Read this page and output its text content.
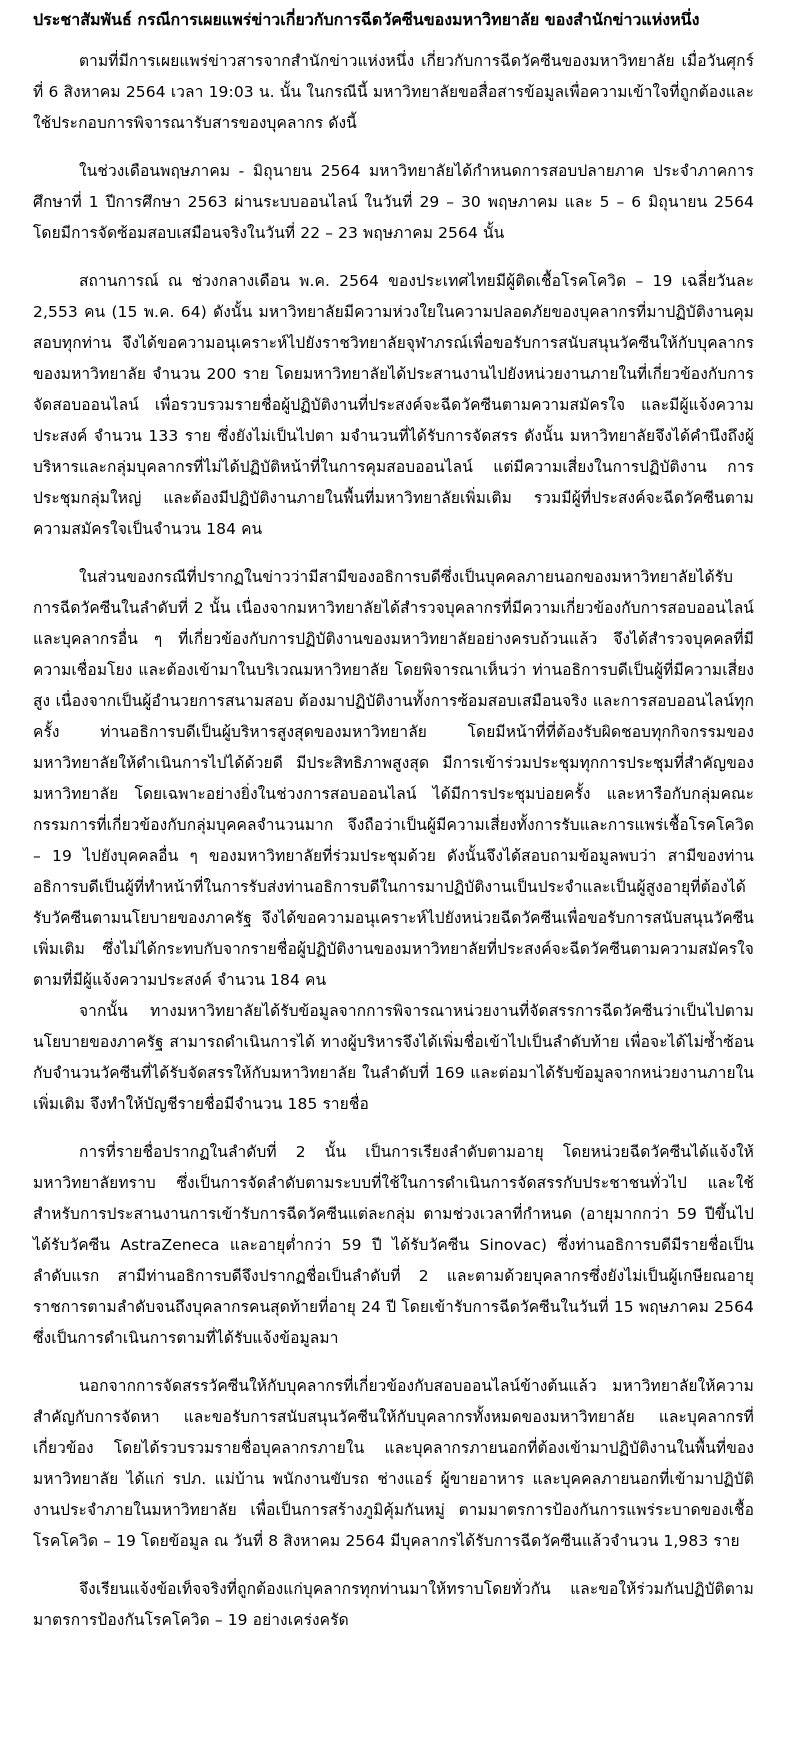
ประชาสัมพันธ์ กรณีการเผยแพร่ข่าวเกี่ยวกับการฉีดวัคซีนของมหาวิทยาลัย ของสำนักข่าวแห่งหนึ่ง

ตามที่มีการเผยแพร่ข่าวสารจากสำนักข่าวแห่งหนึ่ง เกี่ยวกับการฉีดวัคซีนของมหาวิทยาลัย เมื่อวันศุกร์ที่ 6 สิงหาคม 2564 เวลา 19:03 น. นั้น ในกรณีนี้ มหาวิทยาลัยขอสื่อสารข้อมูลเพื่อความเข้าใจที่ถูกต้องและใช้ประกอบการพิจารณารับสารของบุคลากร ดังนี้

ในช่วงเดือนพฤษภาคม - มิถุนายน 2564 มหาวิทยาลัยได้กำหนดการสอบปลายภาค ประจำภาคการศึกษาที่ 1 ปีการศึกษา 2563 ผ่านระบบออนไลน์ ในวันที่ 29 – 30 พฤษภาคม และ 5 – 6 มิถุนายน 2564 โดยมีการจัดซ้อมสอบเสมือนจริงในวันที่ 22 – 23 พฤษภาคม 2564 นั้น

สถานการณ์ ณ ช่วงกลางเดือน พ.ค. 2564 ของประเทศไทยมีผู้ติดเชื้อโรคโควิด – 19 เฉลี่ยวันละ 2,553 คน (15 พ.ค. 64) ดังนั้น มหาวิทยาลัยมีความห่วงใยในความปลอดภัยของบุคลากรที่มาปฏิบัติงานคุมสอบทุกท่าน จึงได้ขอความอนุเคราะห์ไปยังราชวิทยาลัยจุฬาภรณ์เพื่อขอรับการสนับสนุนวัคซีนให้กับบุคลากรของมหาวิทยาลัย จำนวน 200 ราย โดยมหาวิทยาลัยได้ประสานงานไปยังหน่วยงานภายในที่เกี่ยวข้องกับการจัดสอบออนไลน์ เพื่อรวบรวมรายชื่อผู้ปฏิบัติงานที่ประสงค์จะฉีดวัคซีนตามความสมัครใจ และมีผู้แจ้งความประสงค์ จำนวน 133 ราย ซึ่งยังไม่เป็นไปตา มจำนวนที่ได้รับการจัดสรร ดังนั้น มหาวิทยาลัยจึงได้คำนึงถึงผู้บริหารและกลุ่มบุคลากรที่ไม่ได้ปฏิบัติหน้าที่ในการคุมสอบออนไลน์ แต่มีความเสี่ยงในการปฏิบัติงาน การประชุมกลุ่มใหญ่ และต้องมีปฏิบัติงานภายในพื้นที่มหาวิทยาลัยเพิ่มเติม รวมมีผู้ที่ประสงค์จะฉีดวัคซีนตามความสมัครใจเป็นจำนวน 184 คน

ในส่วนของกรณีที่ปรากฏในข่าวว่ามีสามีของอธิการบดีซึ่งเป็นบุคคลภายนอกของมหาวิทยาลัยได้รับการฉีดวัคซีนในลำดับที่ 2 นั้น เนื่องจากมหาวิทยาลัยได้สำรวจบุคลากรที่มีความเกี่ยวข้องกับการสอบออนไลน์และบุคลากรอื่น ๆ ที่เกี่ยวข้องกับการปฏิบัติงานของมหาวิทยาลัยอย่างครบถ้วนแล้ว จึงได้สำรวจบุคคลที่มีความเชื่อมโยง และต้องเข้ามาในบริเวณมหาวิทยาลัย โดยพิจารณาเห็นว่า ท่านอธิการบดีเป็นผู้ที่มีความเสี่ยงสูง เนื่องจากเป็นผู้อำนวยการสนามสอบ ต้องมาปฏิบัติงานทั้งการซ้อมสอบเสมือนจริง และการสอบออนไลน์ทุกครั้ง ท่านอธิการบดีเป็นผู้บริหารสูงสุดของมหาวิทยาลัย โดยมีหน้าที่ที่ต้องรับผิดชอบทุกกิจกรรมของมหาวิทยาลัยให้ดำเนินการไปได้ด้วยดี มีประสิทธิภาพสูงสุด มีการเข้าร่วมประชุมทุกการประชุมที่สำคัญของมหาวิทยาลัย โดยเฉพาะอย่างยิ่งในช่วงการสอบออนไลน์ ได้มีการประชุมบ่อยครั้ง และหารือกับกลุ่มคณะกรรมการที่เกี่ยวข้องกับกลุ่มบุคคลจำนวนมาก จึงถือว่าเป็นผู้มีความเสี่ยงทั้งการรับและการแพร่เชื้อโรคโควิด – 19 ไปยังบุคคลอื่น ๆ ของมหาวิทยาลัยที่ร่วมประชุมด้วย ดังนั้นจึงได้สอบถามข้อมูลพบว่า สามีของท่านอธิการบดีเป็นผู้ที่ทำหน้าที่ในการรับส่งท่านอธิการบดีในการมาปฏิบัติงานเป็นประจำและเป็นผู้สูงอายุที่ต้องได้รับวัคซีนตามนโยบายของภาครัฐ จึงได้ขอความอนุเคราะห์ไปยังหน่วยฉีดวัคซีนเพื่อขอรับการสนับสนุนวัคซีนเพิ่มเติม ซึ่งไม่ได้กระทบกับจากรายชื่อผู้ปฏิบัติงานของมหาวิทยาลัยที่ประสงค์จะฉีดวัคซีนตามความสมัครใจ ตามที่มีผู้แจ้งความประสงค์ จำนวน 184 คน

จากนั้น ทางมหาวิทยาลัยได้รับข้อมูลจากการพิจารณาหน่วยงานที่จัดสรรการฉีดวัคซีนว่าเป็นไปตามนโยบายของภาครัฐ สามารถดำเนินการได้ ทางผู้บริหารจึงได้เพิ่มชื่อเข้าไปเป็นลำดับท้าย เพื่อจะได้ไม่ซ้ำซ้อนกับจำนวนวัคซีนที่ได้รับจัดสรรให้กับมหาวิทยาลัย ในลำดับที่ 169 และต่อมาได้รับข้อมูลจากหน่วยงานภายในเพิ่มเติม จึงทำให้บัญชีรายชื่อมีจำนวน 185 รายชื่อ

การที่รายชื่อปรากฏในลำดับที่ 2 นั้น เป็นการเรียงลำดับตามอายุ โดยหน่วยฉีดวัคซีนได้แจ้งให้มหาวิทยาลัยทราบ ซึ่งเป็นการจัดลำดับตามระบบที่ใช้ในการดำเนินการจัดสรรกับประชาชนทั่วไป และใช้สำหรับการประสานงานการเข้ารับการฉีดวัคซีนแต่ละกลุ่ม ตามช่วงเวลาที่กำหนด (อายุมากกว่า 59 ปีขึ้นไปได้รับวัคซีน AstraZeneca และอายุต่ำกว่า 59 ปี ได้รับวัคซีน Sinovac) ซึ่งท่านอธิการบดีมีรายชื่อเป็นลำดับแรก สามีท่านอธิการบดีจึงปรากฏชื่อเป็นลำดับที่ 2 และตามด้วยบุคลากรซึ่งยังไม่เป็นผู้เกษียณอายุราชการตามลำดับจนถึงบุคลากรคนสุดท้ายที่อายุ 24 ปี โดยเข้ารับการฉีดวัคซีนในวันที่ 15 พฤษภาคม 2564 ซึ่งเป็นการดำเนินการตามที่ได้รับแจ้งข้อมูลมา

นอกจากการจัดสรรวัคซีนให้กับบุคลากรที่เกี่ยวข้องกับสอบออนไลน์ข้างต้นแล้ว มหาวิทยาลัยให้ความสำคัญกับการจัดหา และขอรับการสนับสนุนวัคซีนให้กับบุคลากรทั้งหมดของมหาวิทยาลัย และบุคลากรที่เกี่ยวข้อง โดยได้รวบรวมรายชื่อบุคลากรภายใน และบุคลากรภายนอกที่ต้องเข้ามาปฏิบัติงานในพื้นที่ของมหาวิทยาลัย ได้แก่ รปภ. แม่บ้าน พนักงานขับรถ ช่างแอร์ ผู้ขายอาหาร และบุคคลภายนอกที่เข้ามาปฏิบัติงานประจำภายในมหาวิทยาลัย เพื่อเป็นการสร้างภูมิคุ้มกันหมู่ ตามมาตรการป้องกันการแพร่ระบาดของเชื้อโรคโควิด – 19 โดยข้อมูล ณ วันที่ 8 สิงหาคม 2564 มีบุคลากรได้รับการฉีดวัคซีนแล้วจำนวน 1,983 ราย

จึงเรียนแจ้งข้อเท็จจริงที่ถูกต้องแก่บุคลากรทุกท่านมาให้ทราบโดยทั่วกัน และขอให้ร่วมกันปฏิบัติตามมาตรการป้องกันโรคโควิด – 19 อย่างเคร่งครัด
